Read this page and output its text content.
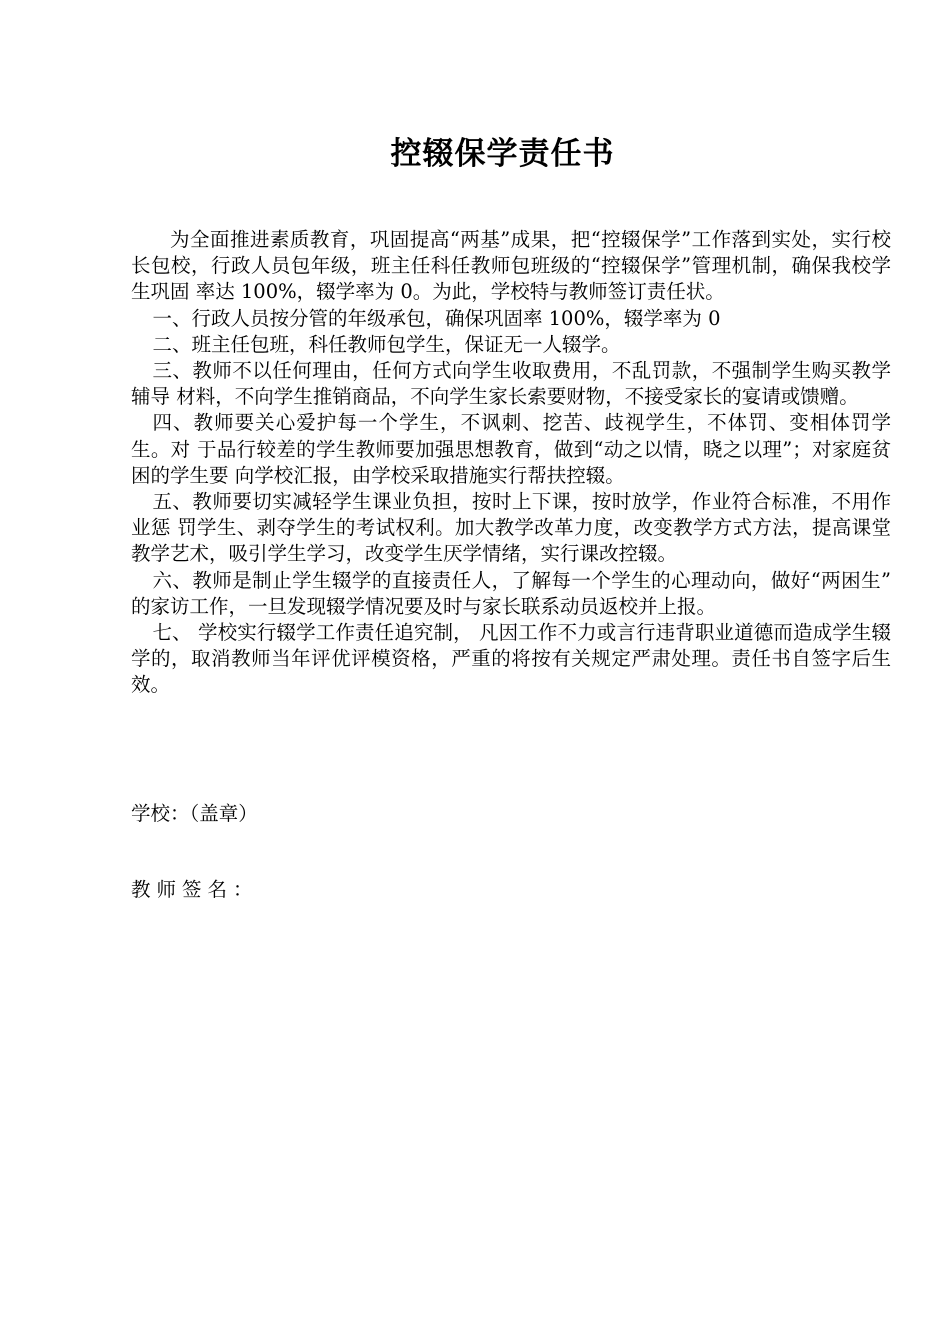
控辍保学责任书

为全面推进素质教育，巩固提高“两基”成果，把“控辍保学”工作落到实处，实行校长包校，行政人员包年级，班主任科任教师包班级的“控辍保学”管理机制，确保我校学生巩固 率达 100%，辍学率为 0。为此，学校特与教师签订责任状。

一、行政人员按分管的年级承包，确保巩固率 100%，辍学率为 0

二、班主任包班，科任教师包学生，保证无一人辍学。

三、教师不以任何理由，任何方式向学生收取费用，不乱罚款，不强制学生购买教学辅导 材料，不向学生推销商品，不向学生家长索要财物，不接受家长的宴请或馈赠。

四、教师要关心爱护每一个学生，不讽刺、挖苦、歧视学生，不体罚、变相体罚学生。对 于品行较差的学生教师要加强思想教育，做到“动之以情，晓之以理”；对家庭贫困的学生要 向学校汇报，由学校采取措施实行帮扶控辍。

五、教师要切实减轻学生课业负担，按时上下课，按时放学，作业符合标准，不用作业惩 罚学生、剥夺学生的考试权利。加大教学改革力度，改变教学方式方法，提高课堂教学艺术，吸引学生学习，改变学生厌学情绪，实行课改控辍。

六、教师是制止学生辍学的直接责任人，了解每一个学生的心理动向，做好“两困生” 的家访工作，一旦发现辍学情况要及时与家长联系动员返校并上报。

七、 学校实行辍学工作责任追究制， 凡因工作不力或言行违背职业道德而造成学生辍学的，取消教师当年评优评模资格，严重的将按有关规定严肃处理。责任书自签字后生效。

学校：（盖章）
教师签名：
